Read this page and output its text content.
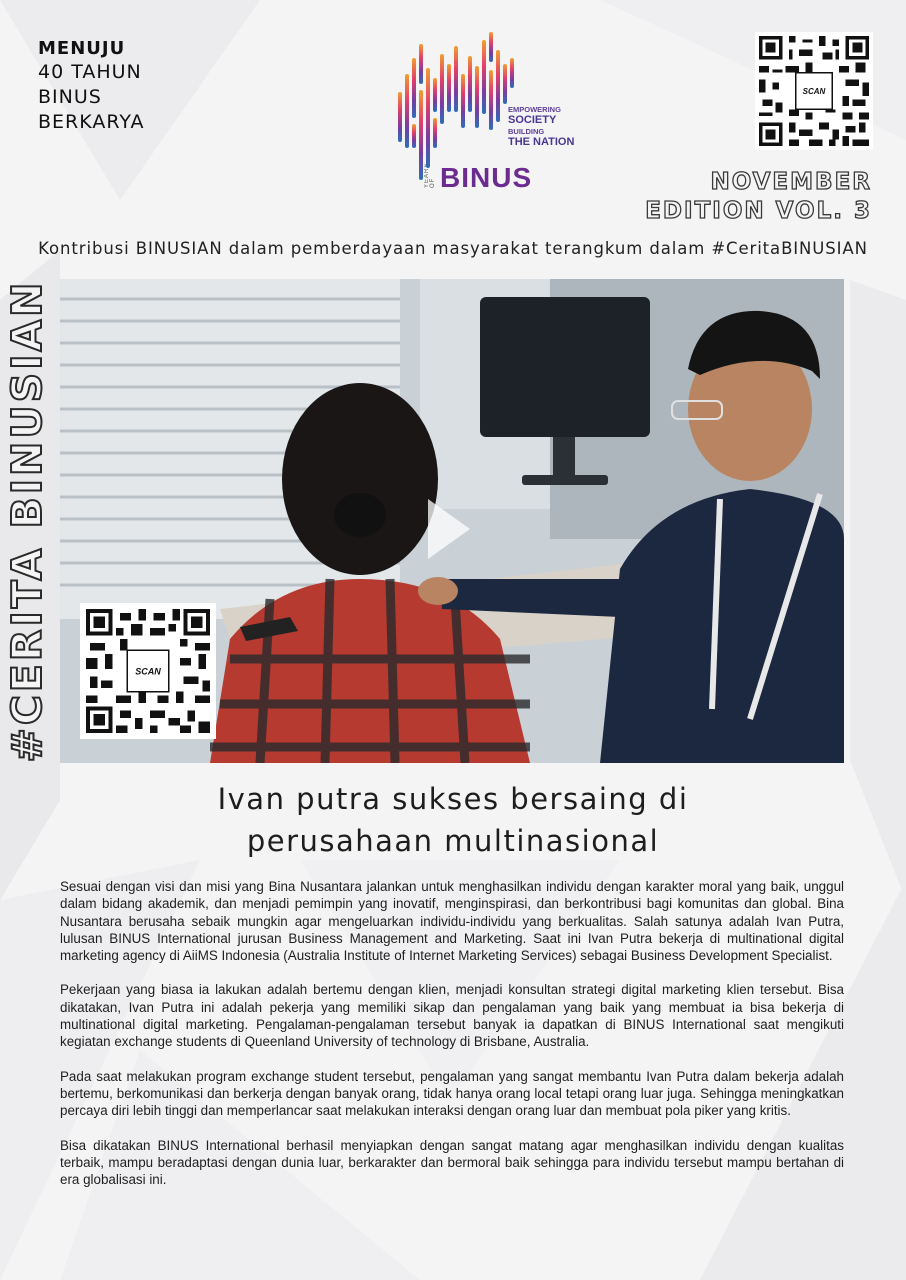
MENUJU
40 TAHUN
BINUS
BERKARYA
EMPOWERING
SOCIETY
BUILDING
THE NATION
YEARS OF BINUS
SCAN
NOVEMBER
EDITION VOL. 3
Kontribusi BINUSIAN dalam pemberdayaan masyarakat terangkum dalam #CeritaBINUSIAN
#CERITA BINUSIAN	SCAN
Ivan putra sukses bersaing di
perusahaan multinasional

Sesuai dengan visi dan misi yang Bina Nusantara jalankan untuk menghasilkan individu dengan karakter moral yang baik, unggul dalam bidang akademik, dan menjadi pemimpin yang inovatif, menginspirasi, dan berkontribusi bagi komunitas dan global. Bina Nusantara berusaha sebaik mungkin agar mengeluarkan individu-individu yang berkualitas. Salah satunya adalah Ivan Putra, lulusan BINUS International jurusan Business Management and Marketing. Saat ini Ivan Putra bekerja di multinational digital marketing agency di AiiMS Indonesia (Australia Institute of Internet Marketing Services) sebagai Business Development Specialist.

Pekerjaan yang biasa ia lakukan adalah bertemu dengan klien, menjadi konsultan strategi digital marketing klien tersebut. Bisa dikatakan, Ivan Putra ini adalah pekerja yang memiliki sikap dan pengalaman yang baik yang membuat ia bisa bekerja di multinational digital marketing. Pengalaman-pengalaman tersebut banyak ia dapatkan di BINUS International saat mengikuti kegiatan exchange students di Queenland University of technology di Brisbane, Australia.

Pada saat melakukan program exchange student tersebut, pengalaman yang sangat membantu Ivan Putra dalam bekerja adalah bertemu, berkomunikasi dan berkerja dengan banyak orang, tidak hanya orang local tetapi orang luar juga. Sehingga meningkatkan percaya diri lebih tinggi dan memperlancar saat melakukan interaksi dengan orang luar dan membuat pola piker yang kritis.

Bisa dikatakan BINUS International berhasil menyiapkan dengan sangat matang agar menghasilkan individu dengan kualitas terbaik, mampu beradaptasi dengan dunia luar, berkarakter dan bermoral baik sehingga para individu tersebut mampu bertahan di era globalisasi ini.
